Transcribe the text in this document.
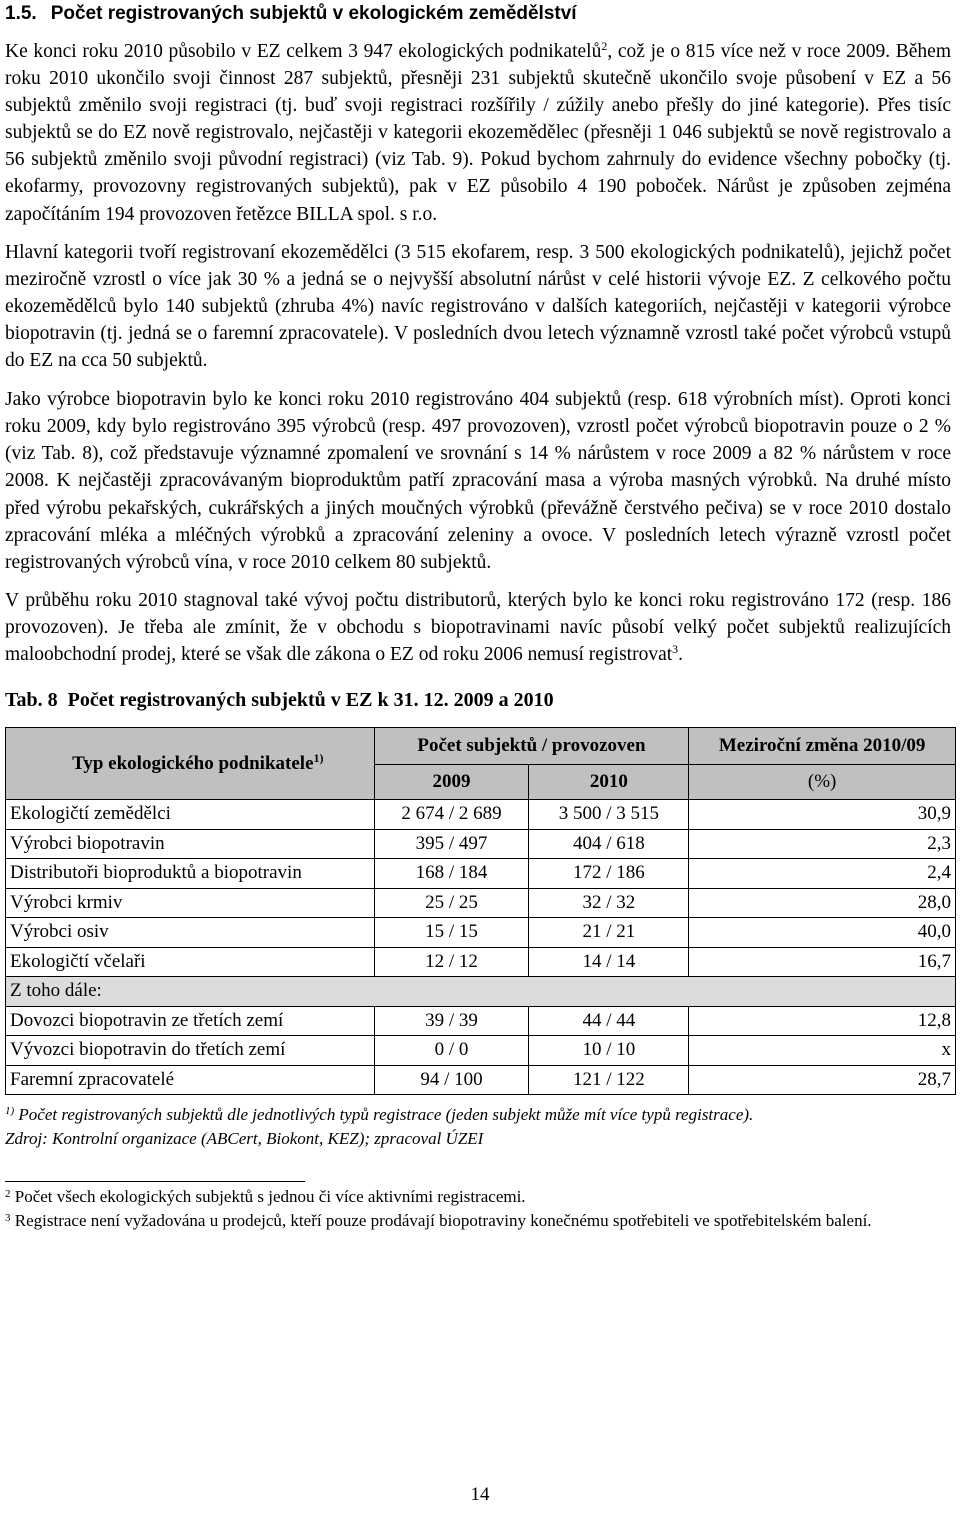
1.5. Počet registrovaných subjektů v ekologickém zemědělství

Ke konci roku 2010 působilo v EZ celkem 3 947 ekologických podnikatelů$^2$, což je o 815 více než v roce 2009. Během roku 2010 ukončilo svoji činnost 287 subjektů, přesněji 231 subjektů skutečně ukončilo svoje působení v EZ a 56 subjektů změnilo svoji registraci (tj. buď svoji registraci rozšířily / zúžily anebo přešly do jiné kategorie). Přes tisíc subjektů se do EZ nově registrovalo, nejčastěji v kategorii ekozemědělec (přesněji 1 046 subjektů se nově registrovalo a 56 subjektů změnilo svoji původní registraci) (viz Tab. 9). Pokud bychom zahrnuly do evidence všechny pobočky (tj. ekofarmy, provozovny registrovaných subjektů), pak v EZ působilo 4 190 poboček. Nárůst je způsoben zejména započítáním 194 provozoven řetězce BILLA spol. s r.o.

Hlavní kategorii tvoří registrovaní ekozemědělci (3 515 ekofarem, resp. 3 500 ekologických podnikatelů), jejichž počet meziročně vzrostl o více jak 30 % a jedná se o nejvyšší absolutní nárůst v celé historii vývoje EZ. Z celkového počtu ekozemědělců bylo 140 subjektů (zhruba 4%) navíc registrováno v dalších kategoriích, nejčastěji v kategorii výrobce biopotravin (tj. jedná se o faremní zpracovatele). V posledních dvou letech významně vzrostl také počet výrobců vstupů do EZ na cca 50 subjektů.

Jako výrobce biopotravin bylo ke konci roku 2010 registrováno 404 subjektů (resp. 618 výrobních míst). Oproti konci roku 2009, kdy bylo registrováno 395 výrobců (resp. 497 provozoven), vzrostl počet výrobců biopotravin pouze o 2 % (viz Tab. 8), což představuje významné zpomalení ve srovnání s 14 % nárůstem v roce 2009 a 82 % nárůstem v roce 2008. K nejčastěji zpracovávaným bioproduktům patří zpracování masa a výroba masných výrobků. Na druhé místo před výrobu pekařských, cukrářských a jiných moučných výrobků (převážně čerstvého pečiva) se v roce 2010 dostalo zpracování mléka a mléčných výrobků a zpracování zeleniny a ovoce. V posledních letech výrazně vzrostl počet registrovaných výrobců vína, v roce 2010 celkem 80 subjektů.

V průběhu roku 2010 stagnoval také vývoj počtu distributorů, kterých bylo ke konci roku registrováno 172 (resp. 186 provozoven). Je třeba ale zmínit, že v obchodu s biopotravinami navíc působí velký počet subjektů realizujících maloobchodní prodej, které se však dle zákona o EZ od roku 2006 nemusí registrovat$^3$.

Tab. 8 Počet registrovaných subjektů v EZ k 31. 12. 2009 a 2010
Typ ekologického podnikatele$^{1)}$	Počet subjektů / provozoven		Meziroční změna 2010/09
	2009	2010	(%)
Ekologičtí zemědělci	2 674 / 2 689	3 500 / 3 515	30,9
Výrobci biopotravin	395 / 497	404 / 618	2,3
Distributoři bioproduktů a biopotravin	168 / 184	172 / 186	2,4
Výrobci krmiv	25 / 25	32 / 32	28,0
Výrobci osiv	15 / 15	21 / 21	40,0
Ekologičtí včelaři	12 / 12	14 / 14	16,7
Z toho dále:			
Dovozci biopotravin ze třetích zemí	39 / 39	44 / 44	12,8
Vývozci biopotravin do třetích zemí	0 / 0	10 / 10	x
Faremní zpracovatelé	94 / 100	121 / 122	28,7

$^{1)}$ Počet registrovaných subjektů dle jednotlivých typů registrace (jeden subjekt může mít více typů registrace).

Zdroj: Kontrolní organizace (ABCert, Biokont, KEZ); zpracoval ÚZEI

$^2$ Počet všech ekologických subjektů s jednou či více aktivními registracemi.

$^3$ Registrace není vyžadována u prodejců, kteří pouze prodávají biopotraviny konečnému spotřebiteli ve spotřebitelském balení.

14
